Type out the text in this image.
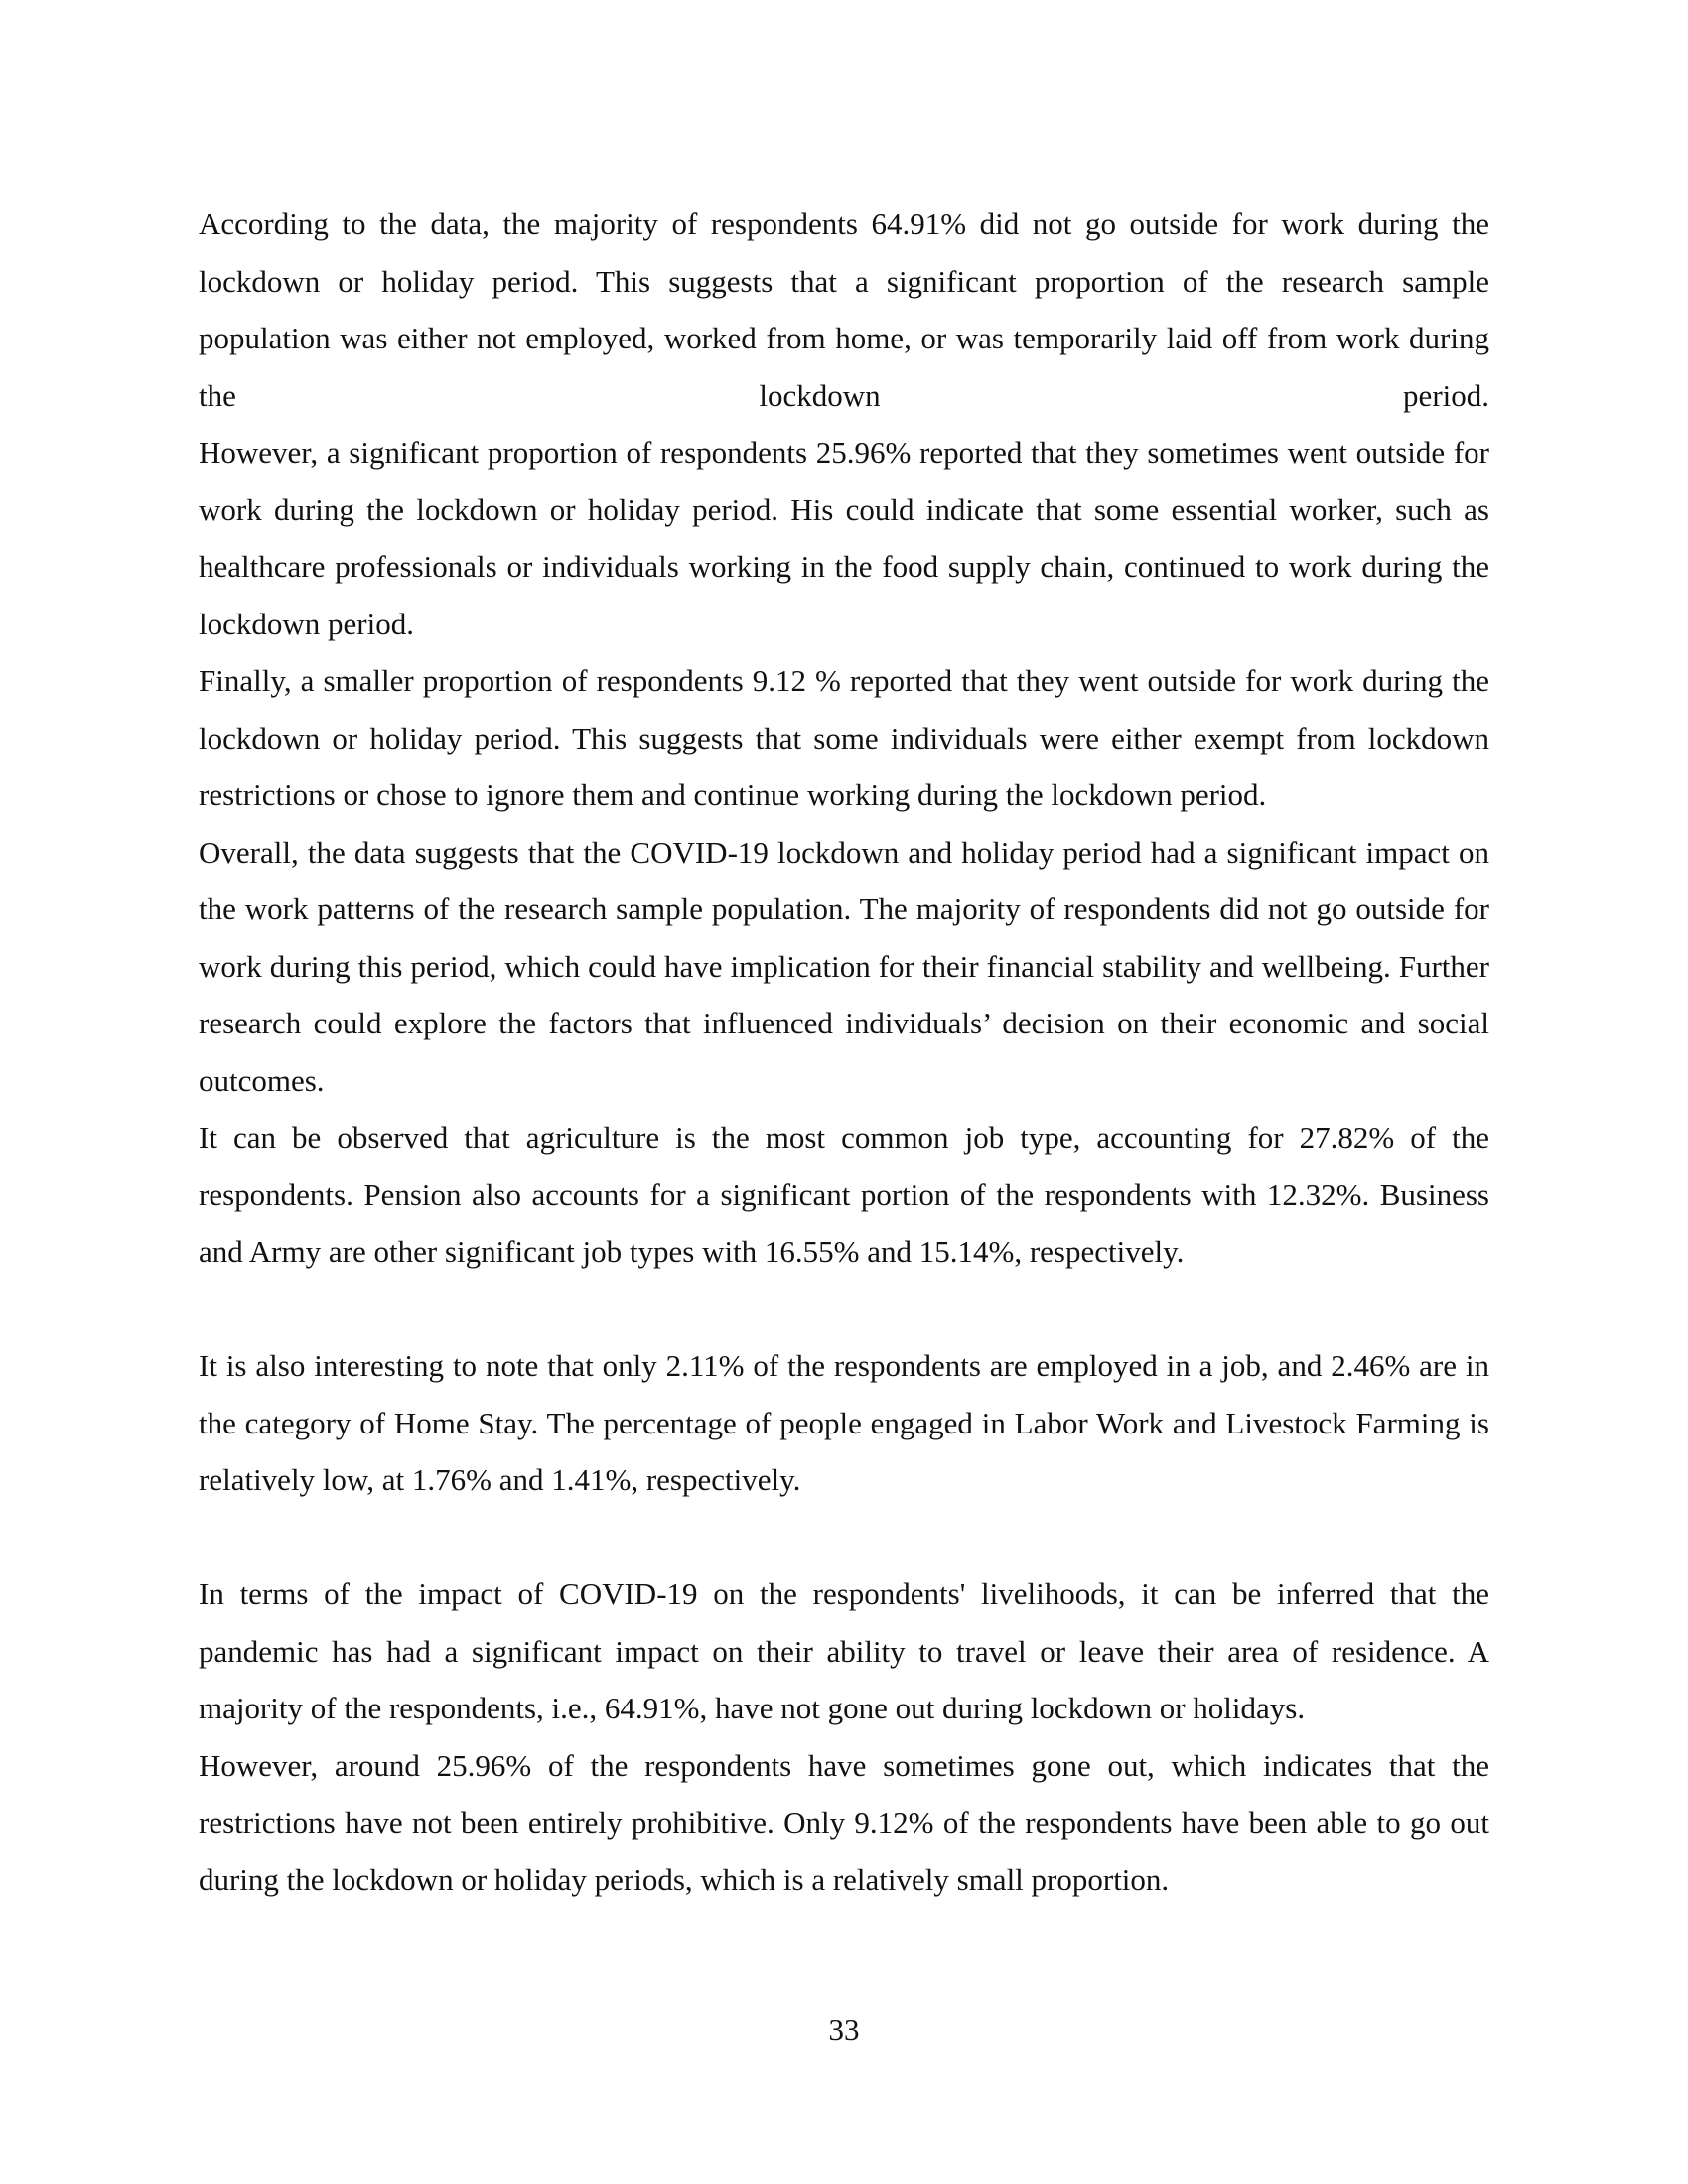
According to the data, the majority of respondents 64.91% did not go outside for work during the lockdown or holiday period. This suggests that a significant proportion of the research sample population was either not employed, worked from home, or was temporarily laid off from work during the lockdown period.

However, a significant proportion of respondents 25.96% reported that they sometimes went outside for work during the lockdown or holiday period. His could indicate that some essential worker, such as healthcare professionals or individuals working in the food supply chain, continued to work during the lockdown period.

Finally, a smaller proportion of respondents 9.12 % reported that they went outside for work during the lockdown or holiday period. This suggests that some individuals were either exempt from lockdown restrictions or chose to ignore them and continue working during the lockdown period.

Overall, the data suggests that the COVID-19 lockdown and holiday period had a significant impact on the work patterns of the research sample population. The majority of respondents did not go outside for work during this period, which could have implication for their financial stability and wellbeing. Further research could explore the factors that influenced individuals’ decision on their economic and social outcomes.

It can be observed that agriculture is the most common job type, accounting for 27.82% of the respondents. Pension also accounts for a significant portion of the respondents with 12.32%. Business and Army are other significant job types with 16.55% and 15.14%, respectively.

It is also interesting to note that only 2.11% of the respondents are employed in a job, and 2.46% are in the category of Home Stay. The percentage of people engaged in Labor Work and Livestock Farming is relatively low, at 1.76% and 1.41%, respectively.

In terms of the impact of COVID-19 on the respondents' livelihoods, it can be inferred that the pandemic has had a significant impact on their ability to travel or leave their area of residence. A majority of the respondents, i.e., 64.91%, have not gone out during lockdown or holidays.

However, around 25.96% of the respondents have sometimes gone out, which indicates that the restrictions have not been entirely prohibitive. Only 9.12% of the respondents have been able to go out during the lockdown or holiday periods, which is a relatively small proportion.

33
